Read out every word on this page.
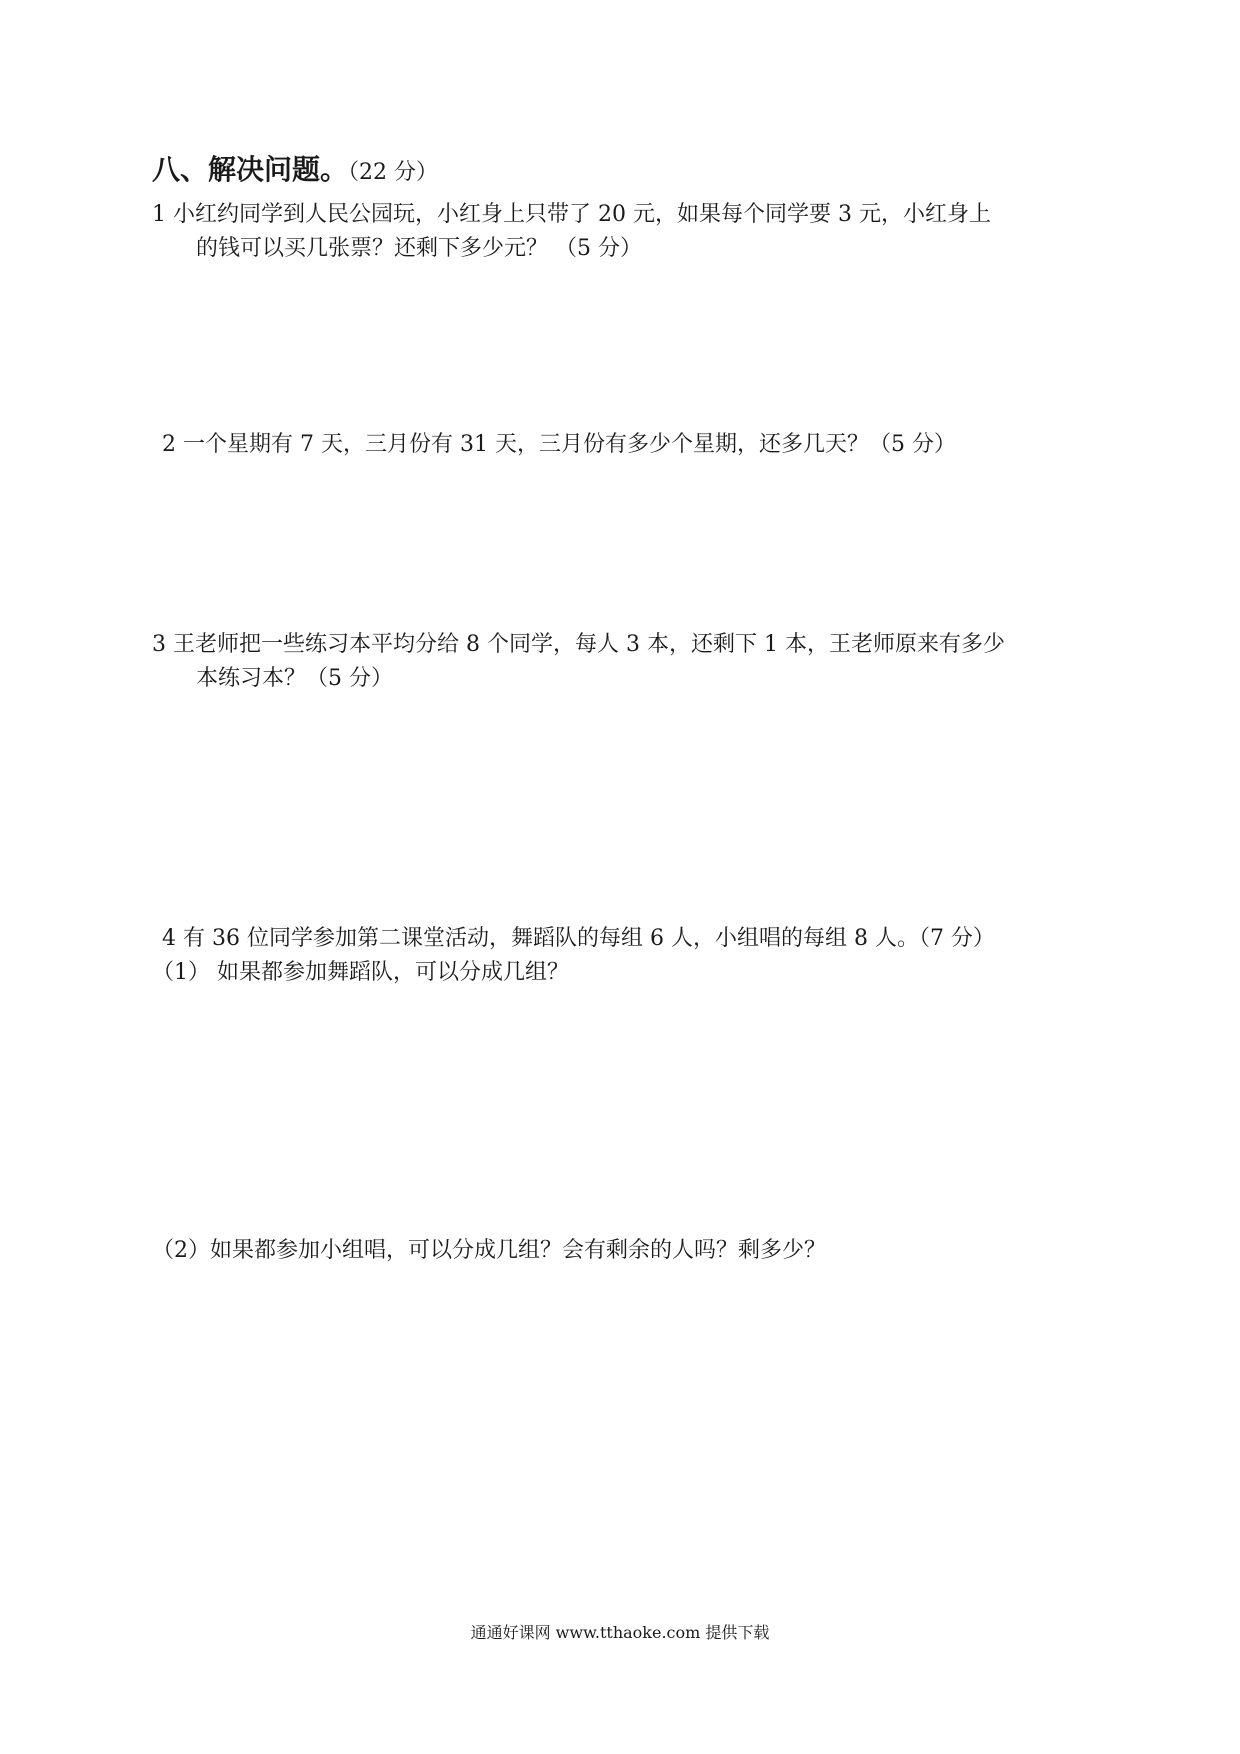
八、解决问题。（22 分）
1 小红约同学到人民公园玩，小红身上只带了 20 元，如果每个同学要 3 元，小红身上
的钱可以买几张票？还剩下多少元？ （5 分）
2 一个星期有 7 天，三月份有 31 天，三月份有多少个星期，还多几天？（5 分）
3 王老师把一些练习本平均分给 8 个同学，每人 3 本，还剩下 1 本，王老师原来有多少
本练习本？（5 分）
4 有 36 位同学参加第二课堂活动，舞蹈队的每组 6 人，小组唱的每组 8 人。（7 分）
（1） 如果都参加舞蹈队，可以分成几组？
（2）如果都参加小组唱，可以分成几组？会有剩余的人吗？剩多少？
通通好课网 www.tthaoke.com 提供下载
